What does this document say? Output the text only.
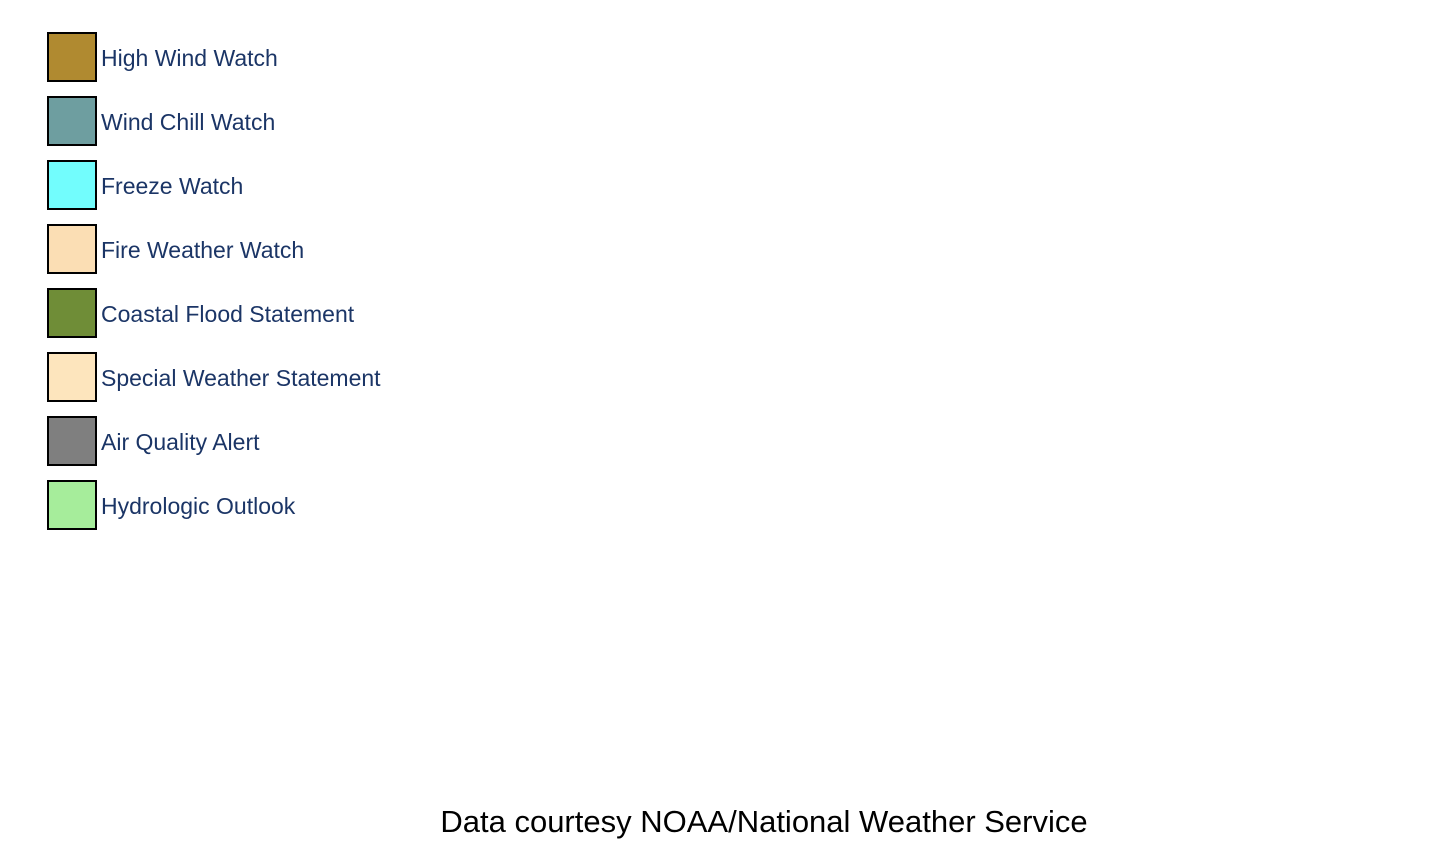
High Wind Watch
Wind Chill Watch
Freeze Watch
Fire Weather Watch
Coastal Flood Statement
Special Weather Statement
Air Quality Alert
Hydrologic Outlook
Data courtesy NOAA/National Weather Service
